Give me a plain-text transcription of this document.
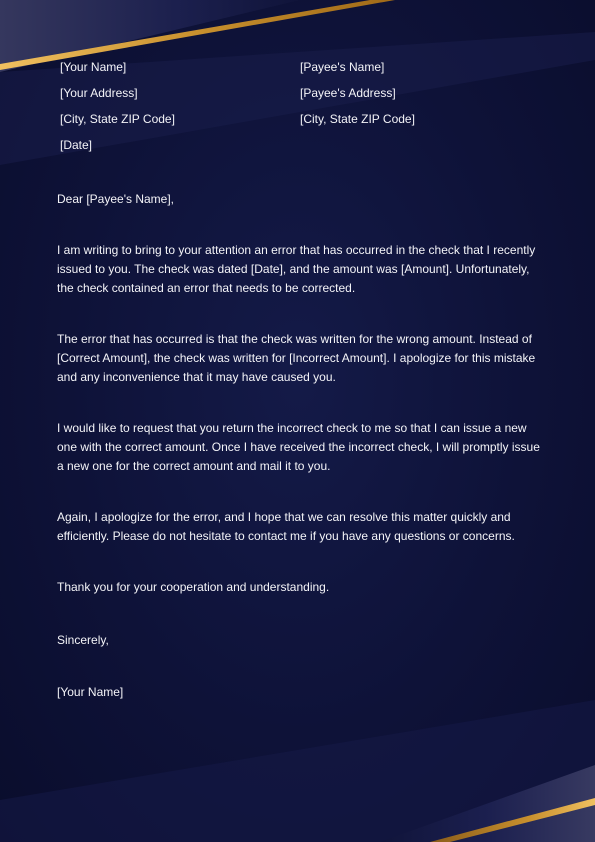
[Your Name]
[Your Address]
[City, State ZIP Code]
[Date]
[Payee's Name]
[Payee's Address]
[City, State ZIP Code]
Dear [Payee's Name],
I am writing to bring to your attention an error that has occurred in the check that I recently issued to you. The check was dated [Date], and the amount was [Amount]. Unfortunately, the check contained an error that needs to be corrected.
The error that has occurred is that the check was written for the wrong amount. Instead of [Correct Amount], the check was written for [Incorrect Amount]. I apologize for this mistake and any inconvenience that it may have caused you.
I would like to request that you return the incorrect check to me so that I can issue a new one with the correct amount. Once I have received the incorrect check, I will promptly issue a new one for the correct amount and mail it to you.
Again, I apologize for the error, and I hope that we can resolve this matter quickly and efficiently. Please do not hesitate to contact me if you have any questions or concerns.
Thank you for your cooperation and understanding.
Sincerely,
[Your Name]
